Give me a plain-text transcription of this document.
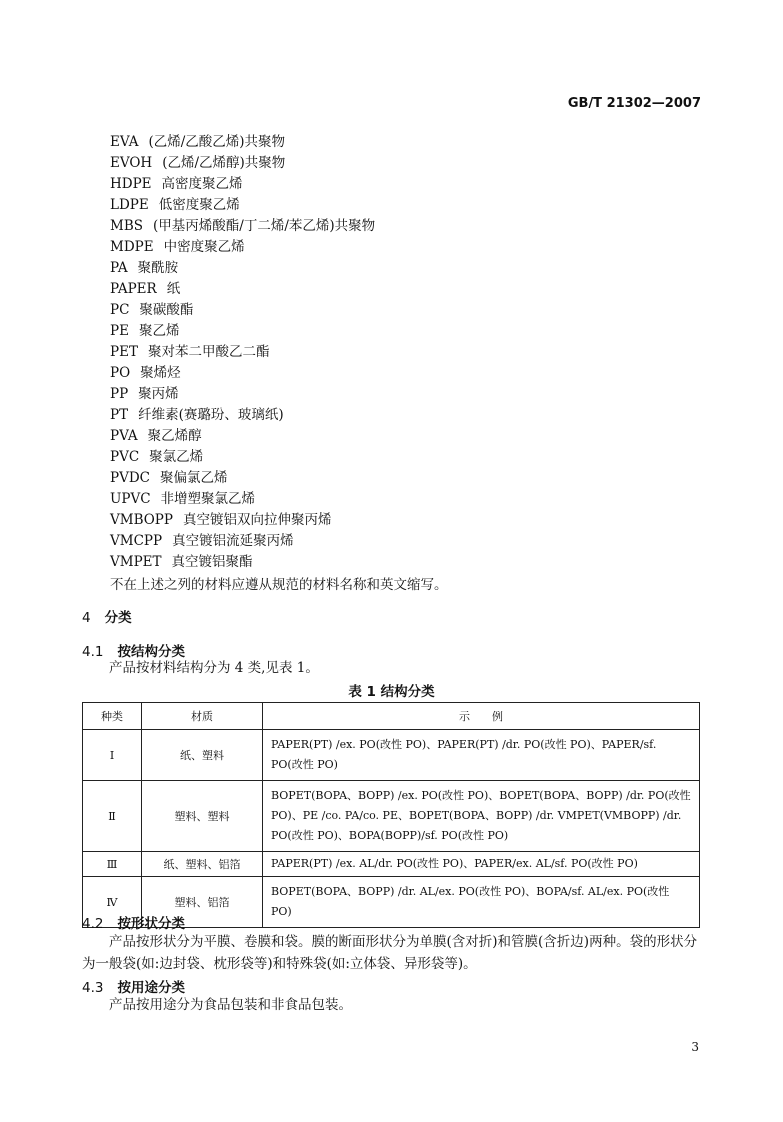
GB/T 21302—2007
EVA (乙烯/乙酸乙烯)共聚物
EVOH (乙烯/乙烯醇)共聚物
HDPE 高密度聚乙烯
LDPE 低密度聚乙烯
MBS (甲基丙烯酸酯/丁二烯/苯乙烯)共聚物
MDPE 中密度聚乙烯
PA 聚酰胺
PAPER 纸
PC 聚碳酸酯
PE 聚乙烯
PET 聚对苯二甲酸乙二酯
PO 聚烯烃
PP 聚丙烯
PT 纤维素(赛璐玢、玻璃纸)
PVA 聚乙烯醇
PVC 聚氯乙烯
PVDC 聚偏氯乙烯
UPVC 非增塑聚氯乙烯
VMBOPP 真空镀铝双向拉伸聚丙烯
VMCPP 真空镀铝流延聚丙烯
VMPET 真空镀铝聚酯
不在上述之列的材料应遵从规范的材料名称和英文缩写。
4 分类
4.1 按结构分类
产品按材料结构分为 4 类,见表 1。
表 1 结构分类
种类	材质	示　　例
I	纸、塑料	PAPER(PT) /ex. PO(改性 PO)、PAPER(PT) /dr. PO(改性 PO)、PAPER/sf. PO(改性 PO)
Ⅱ	塑料、塑料	BOPET(BOPA、BOPP) /ex. PO(改性 PO)、BOPET(BOPA、BOPP) /dr. PO(改性 PO)、PE /co. PA/co. PE、BOPET(BOPA、BOPP) /dr. VMPET(VMBOPP) /dr. PO(改性 PO)、BOPA(BOPP)/sf. PO(改性 PO)
Ⅲ	纸、塑料、铝箔	PAPER(PT) /ex. AL/dr. PO(改性 PO)、PAPER/ex. AL/sf. PO(改性 PO)
Ⅳ	塑料、铝箔	BOPET(BOPA、BOPP) /dr. AL/ex. PO(改性 PO)、BOPA/sf. AL/ex. PO(改性 PO)
4.2 按形状分类
产品按形状分为平膜、卷膜和袋。膜的断面形状分为单膜(含对折)和管膜(含折边)两种。袋的形状分为一般袋(如:边封袋、枕形袋等)和特殊袋(如:立体袋、异形袋等)。
4.3 按用途分类
产品按用途分为食品包装和非食品包装。
3
